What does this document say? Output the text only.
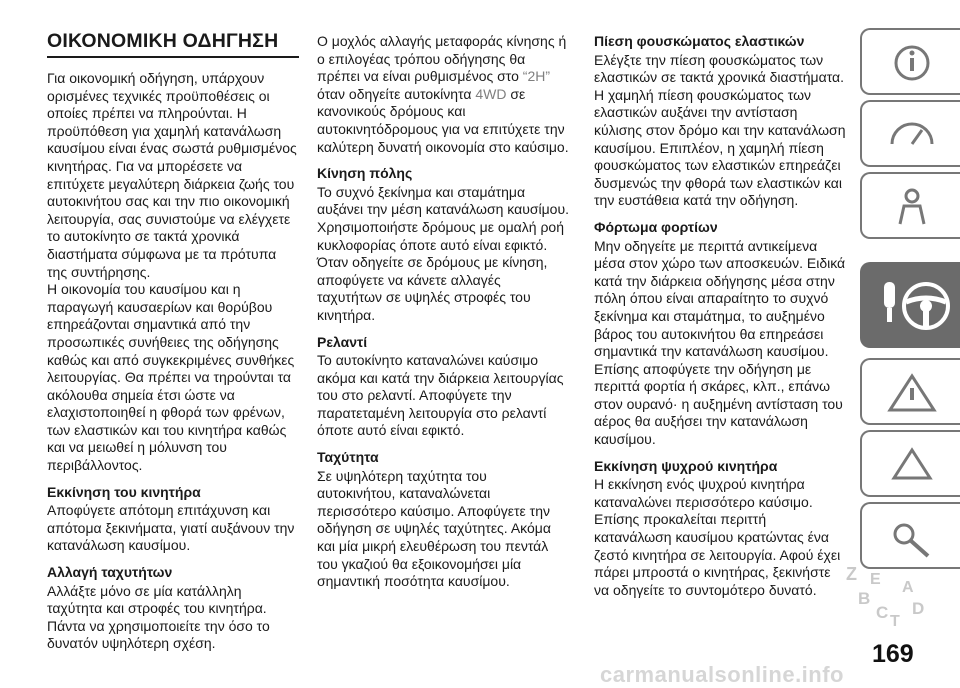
ΟΙΚΟΝΟΜΙΚΗ ΟΔΗΓΗΣΗ

Για οικονομική οδήγηση, υπάρχουν ορισμένες τεχνικές προϋποθέσεις οι οποίες πρέπει να πληρούνται. Η προϋπόθεση για χαμηλή κατανάλωση καυσίμου είναι ένας σωστά ρυθμισμένος κινητήρας. Για να μπορέσετε να επιτύχετε μεγαλύτερη διάρκεια ζωής του αυτοκινήτου σας και την πιο οικονομική λειτουργία, σας συνιστούμε να ελέγχετε το αυτοκίνητο σε τακτά χρονικά διαστήματα σύμφωνα με τα πρότυπα της συντήρησης.

Η οικονομία του καυσίμου και η παραγωγή καυσαερίων και θορύβου επηρεάζονται σημαντικά από την προσωπικές συνήθειες της οδήγησης καθώς και από συγκεκριμένες συνθήκες λειτουργίας. Θα πρέπει να τηρούνται τα ακόλουθα σημεία έτσι ώστε να ελαχιστοποιηθεί η φθορά των φρένων, των ελαστικών και του κινητήρα καθώς και να μειωθεί η μόλυνση του περιβάλλοντος.

Εκκίνηση του κινητήρα

Αποφύγετε απότομη επιτάχυνση και απότομα ξεκινήματα, γιατί αυξάνουν την κατανάλωση καυσίμου.

Αλλαγή ταχυτήτων

Αλλάξτε μόνο σε μία κατάλληλη ταχύτητα και στροφές του κινητήρα. Πάντα να χρησιμοποιείτε την όσο το δυνατόν υψηλότερη σχέση.

Ο μοχλός αλλαγής μεταφοράς κίνησης ή ο επιλογέας τρόπου οδήγησης θα πρέπει να είναι ρυθμισμένος στο “2H” όταν οδηγείτε αυτοκίνητα 4WD σε κανονικούς δρόμους και αυτοκινητόδρομους για να επιτύχετε την καλύτερη δυνατή οικονομία στο καύσιμο.

Κίνηση πόλης

Το συχνό ξεκίνημα και σταμάτημα αυξάνει την μέση κατανάλωση καυσίμου. Χρησιμοποιήστε δρόμους με ομαλή ροή κυκλοφορίας όποτε αυτό είναι εφικτό. Όταν οδηγείτε σε δρόμους με κίνηση, αποφύγετε να κάνετε αλλαγές ταχυτήτων σε υψηλές στροφές του κινητήρα.

Ρελαντί

Το αυτοκίνητο καταναλώνει καύσιμο ακόμα και κατά την διάρκεια λειτουργίας του στο ρελαντί. Αποφύγετε την παρατεταμένη λειτουργία στο ρελαντί όποτε αυτό είναι εφικτό.

Ταχύτητα

Σε υψηλότερη ταχύτητα του αυτοκινήτου, καταναλώνεται περισσότερο καύσιμο. Αποφύγετε την οδήγηση σε υψηλές ταχύτητες. Ακόμα και μία μικρή ελευθέρωση του πεντάλ του γκαζιού θα εξοικονομήσει μία σημαντική ποσότητα καυσίμου.

Πίεση φουσκώματος ελαστικών

Ελέγξτε την πίεση φουσκώματος των ελαστικών σε τακτά χρονικά διαστήματα. Η χαμηλή πίεση φουσκώματος των ελαστικών αυξάνει την αντίσταση κύλισης στον δρόμο και την κατανάλωση καυσίμου. Επιπλέον, η χαμηλή πίεση φουσκώματος των ελαστικών επηρεάζει δυσμενώς την φθορά των ελαστικών και την ευστάθεια κατά την οδήγηση.

Φόρτωμα φορτίων

Μην οδηγείτε με περιττά αντικείμενα μέσα στον χώρο των αποσκευών. Ειδικά κατά την διάρκεια οδήγησης μέσα στην πόλη όπου είναι απαραίτητο το συχνό ξεκίνημα και σταμάτημα, το αυξημένο βάρος του αυτοκινήτου θα επηρεάσει σημαντικά την κατανάλωση καυσίμου. Επίσης αποφύγετε την οδήγηση με περιττά φορτία ή σκάρες, κλπ., επάνω στον ουρανό· η αυξημένη αντίσταση του αέρος θα αυξήσει την κατανάλωση καυσίμου.

Εκκίνηση ψυχρού κινητήρα

Η εκκίνηση ενός ψυχρού κινητήρα καταναλώνει περισσότερο καύσιμο. Επίσης προκαλείται περιττή κατανάλωση καυσίμου κρατώντας ένα ζεστό κινητήρα σε λειτουργία. Αφού έχει πάρει μπροστά ο κινητήρας, ξεκινήστε να οδηγείτε το συντομότερο δυνατό.

Z E
B
A
C T
D
169
carmanualsonline.info
